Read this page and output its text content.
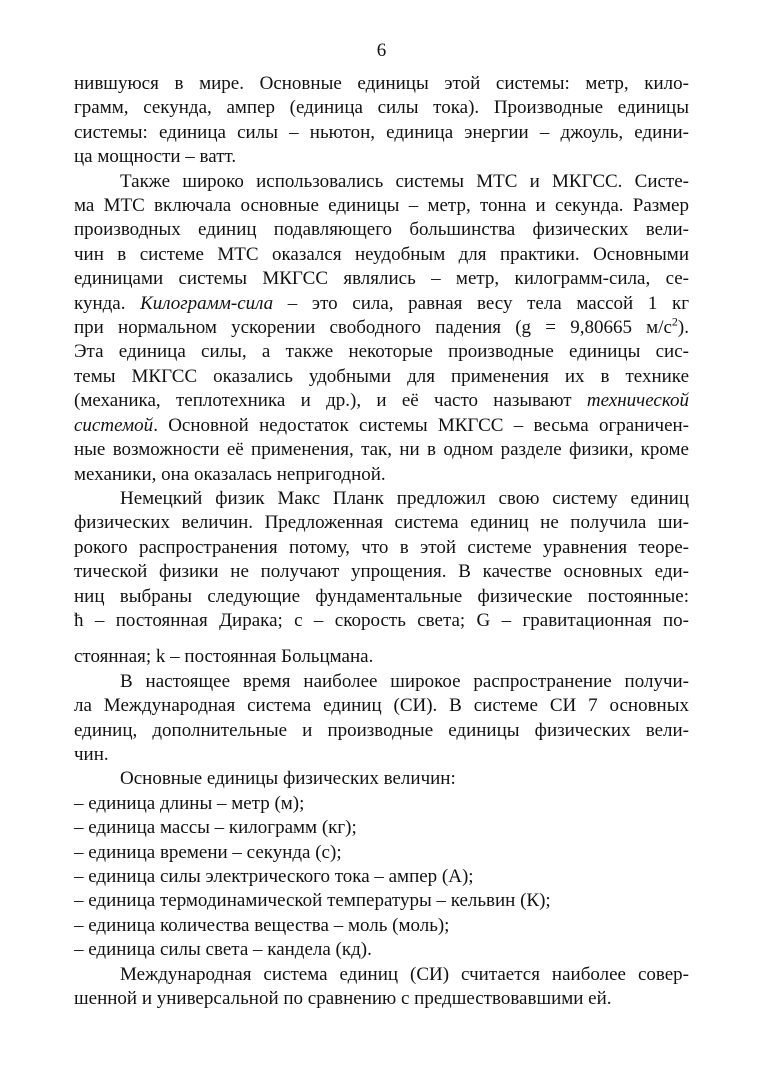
6
нившуюся в мире. Основные единицы этой системы: метр, кило-
грамм, секунда, ампер (единица силы тока). Производные единицы
системы: единица силы – ньютон, единица энергии – джоуль, едини-
ца мощности – ватт.
Также широко использовались системы МТС и МКГСС. Систе-
ма МТС включала основные единицы – метр, тонна и секунда. Размер
производных единиц подавляющего большинства физических вели-
чин в системе МТС оказался неудобным для практики. Основными
единицами системы МКГСС являлись – метр, килограмм-сила, се-
кунда. Килограмм-сила – это сила, равная весу тела массой 1 кг
при нормальном ускорении свободного падения (g = 9,80665 $м/с^2$).
Эта единица силы, а также некоторые производные единицы сис-
темы МКГСС оказались удобными для применения их в технике
(механика, теплотехника и др.), и её часто называют технической
системой. Основной недостаток системы МКГСС – весьма ограничен-
ные возможности её применения, так, ни в одном разделе физики, кроме
механики, она оказалась непригодной.
Немецкий физик Макс Планк предложил свою систему единиц
физических величин. Предложенная система единиц не получила ши-
рокого распространения потому, что в этой системе уравнения теоре-
тической физики не получают упрощения. В качестве основных еди-
ниц выбраны следующие фундаментальные физические постоянные:
ħ – постоянная Дирака; с – скорость света; G – гравитационная по-
стоянная; k – постоянная Больцмана.
В настоящее время наиболее широкое распространение получи-
ла Международная система единиц (СИ). В системе СИ 7 основных
единиц, дополнительные и производные единицы физических вели-
чин.
Основные единицы физических величин:
– единица длины – метр (м);
– единица массы – килограмм (кг);
– единица времени – секунда (с);
– единица силы электрического тока – ампер (А);
– единица термодинамической температуры – кельвин (К);
– единица количества вещества – моль (моль);
– единица силы света – кандела (кд).
Международная система единиц (СИ) считается наиболее совер-
шенной и универсальной по сравнению с предшествовавшими ей.
